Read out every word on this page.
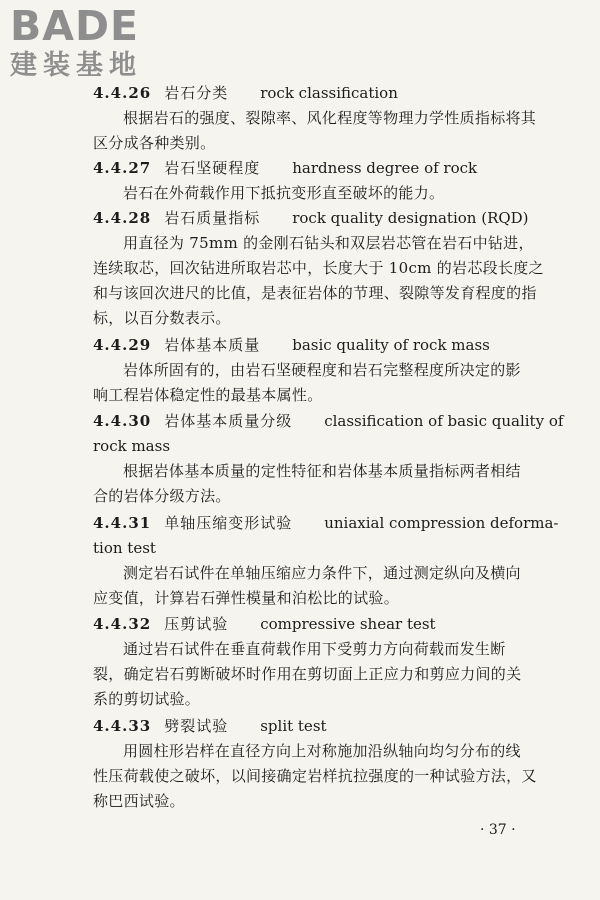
BADE
建装基地
4.4.26 岩石分类 rock classification
根据岩石的强度、裂隙率、风化程度等物理力学性质指标将其
区分成各种类别。
4.4.27 岩石坚硬程度 hardness degree of rock
岩石在外荷载作用下抵抗变形直至破坏的能力。
4.4.28 岩石质量指标 rock quality designation (RQD)
用直径为 75mm 的金刚石钻头和双层岩芯管在岩石中钻进，
连续取芯，回次钻进所取岩芯中，长度大于 10cm 的岩芯段长度之
和与该回次进尺的比值，是表征岩体的节理、裂隙等发育程度的指
标，以百分数表示。
4.4.29 岩体基本质量 basic quality of rock mass
岩体所固有的，由岩石坚硬程度和岩石完整程度所决定的影
响工程岩体稳定性的最基本属性。
4.4.30 岩体基本质量分级 classification of basic quality of
rock mass
根据岩体基本质量的定性特征和岩体基本质量指标两者相结
合的岩体分级方法。
4.4.31 单轴压缩变形试验 uniaxial compression deforma-
tion test
测定岩石试件在单轴压缩应力条件下，通过测定纵向及横向
应变值，计算岩石弹性模量和泊松比的试验。
4.4.32 压剪试验 compressive shear test
通过岩石试件在垂直荷载作用下受剪力方向荷载而发生断
裂，确定岩石剪断破坏时作用在剪切面上正应力和剪应力间的关
系的剪切试验。
4.4.33 劈裂试验 split test
用圆柱形岩样在直径方向上对称施加沿纵轴向均匀分布的线
性压荷载使之破坏，以间接确定岩样抗拉强度的一种试验方法，又
称巴西试验。
· 37 ·
